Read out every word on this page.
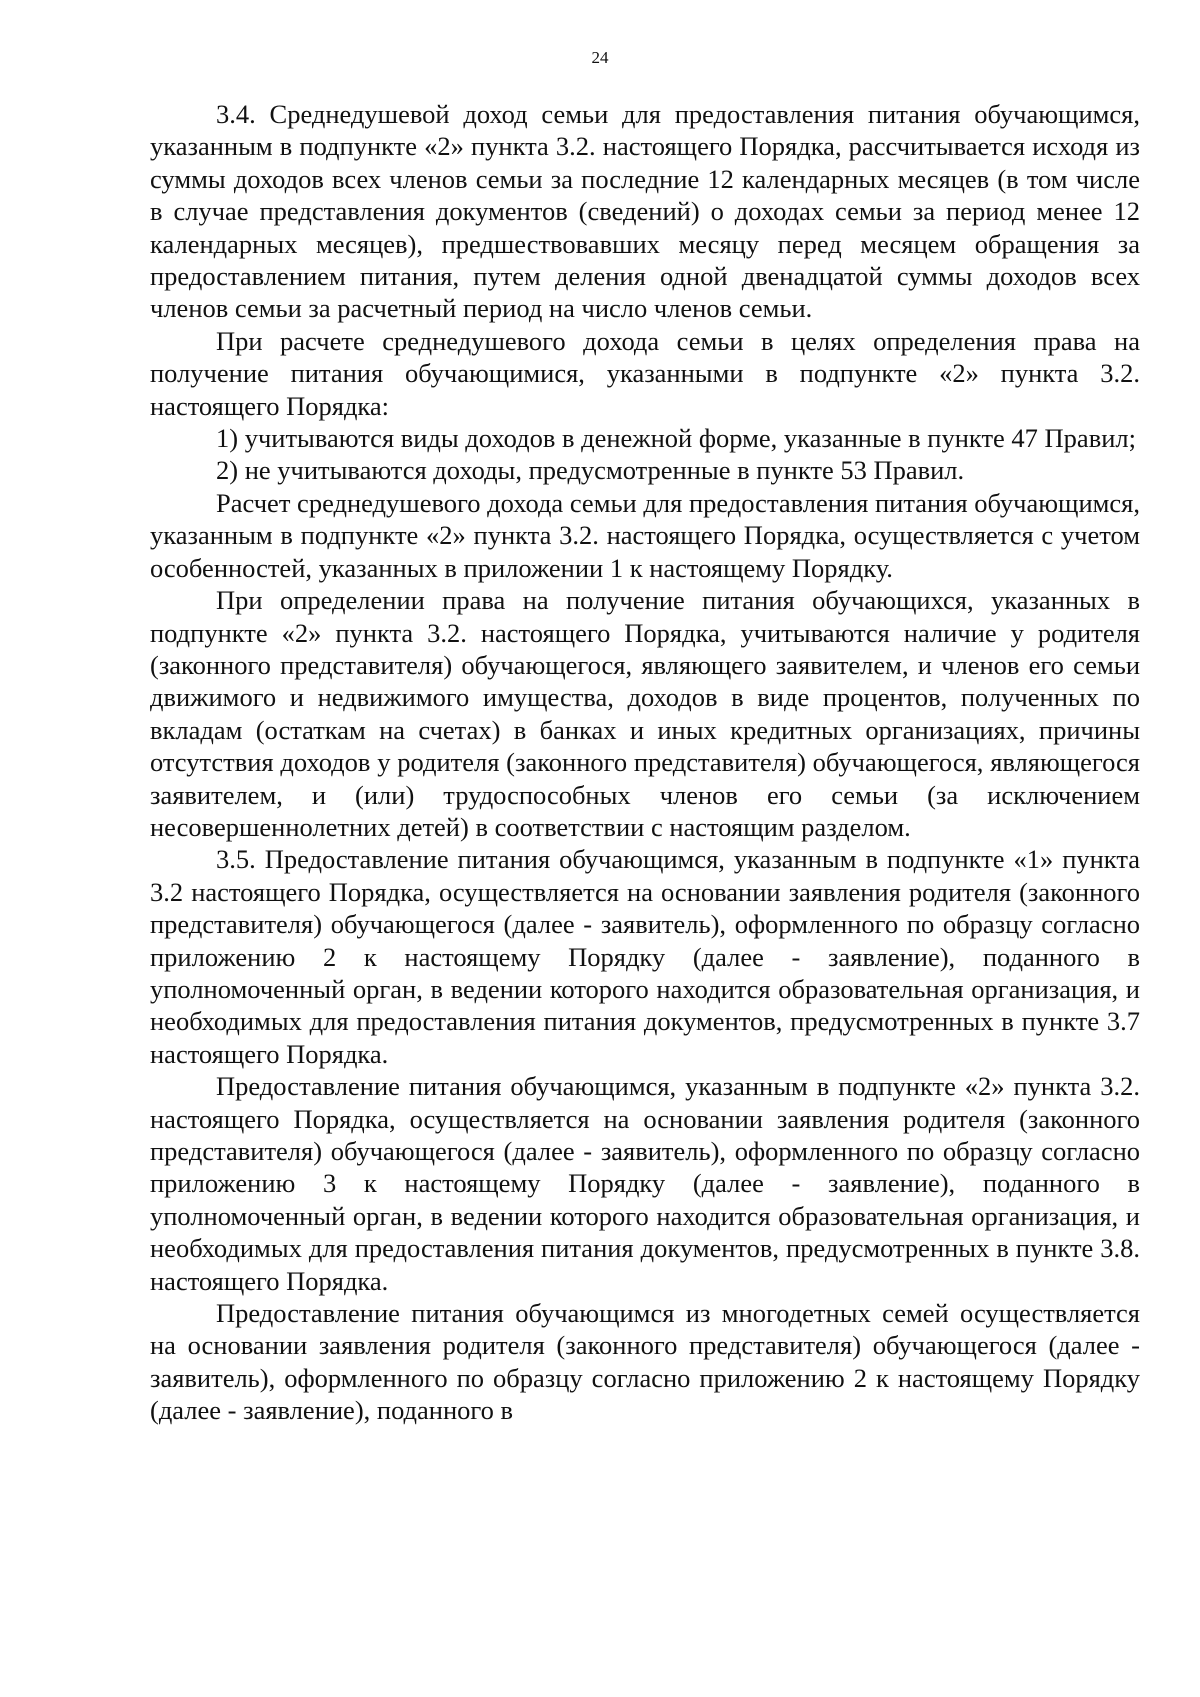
24

3.4. Среднедушевой доход семьи для предоставления питания обучающимся, указанным в подпункте «2» пункта 3.2. настоящего Порядка, рассчитывается исходя из суммы доходов всех членов семьи за последние 12 календарных месяцев (в том числе в случае представления документов (сведений) о доходах семьи за период менее 12 календарных месяцев), предшествовавших месяцу перед месяцем обращения за предоставлением питания, путем деления одной двенадцатой суммы доходов всех членов семьи за расчетный период на число членов семьи.

При расчете среднедушевого дохода семьи в целях определения права на получение питания обучающимися, указанными в подпункте «2» пункта 3.2. настоящего Порядка:

1) учитываются виды доходов в денежной форме, указанные в пункте 47 Правил;

2) не учитываются доходы, предусмотренные в пункте 53 Правил.

Расчет среднедушевого дохода семьи для предоставления питания обучающимся, указанным в подпункте «2» пункта 3.2. настоящего Порядка, осуществляется с учетом особенностей, указанных в приложении 1 к настоящему Порядку.

При определении права на получение питания обучающихся, указанных в подпункте «2» пункта 3.2. настоящего Порядка, учитываются наличие у родителя (законного представителя) обучающегося, являющего заявителем, и членов его семьи движимого и недвижимого имущества, доходов в виде процентов, полученных по вкладам (остаткам на счетах) в банках и иных кредитных организациях, причины отсутствия доходов у родителя (законного представителя) обучающегося, являющегося заявителем, и (или) трудоспособных членов его семьи (за исключением несовершеннолетних детей) в соответствии с настоящим разделом.

3.5. Предоставление питания обучающимся, указанным в подпункте «1» пункта 3.2 настоящего Порядка, осуществляется на основании заявления родителя (законного представителя) обучающегося (далее - заявитель), оформленного по образцу согласно приложению 2 к настоящему Порядку (далее - заявление), поданного в уполномоченный орган, в ведении которого находится образовательная организация, и необходимых для предоставления питания документов, предусмотренных в пункте 3.7 настоящего Порядка.

Предоставление питания обучающимся, указанным в подпункте «2» пункта 3.2. настоящего Порядка, осуществляется на основании заявления родителя (законного представителя) обучающегося (далее - заявитель), оформленного по образцу согласно приложению 3 к настоящему Порядку (далее - заявление), поданного в уполномоченный орган, в ведении которого находится образовательная организация, и необходимых для предоставления питания документов, предусмотренных в пункте 3.8. настоящего Порядка.

Предоставление питания обучающимся из многодетных семей осуществляется на основании заявления родителя (законного представителя) обучающегося (далее - заявитель), оформленного по образцу согласно приложению 2 к настоящему Порядку (далее - заявление), поданного в
